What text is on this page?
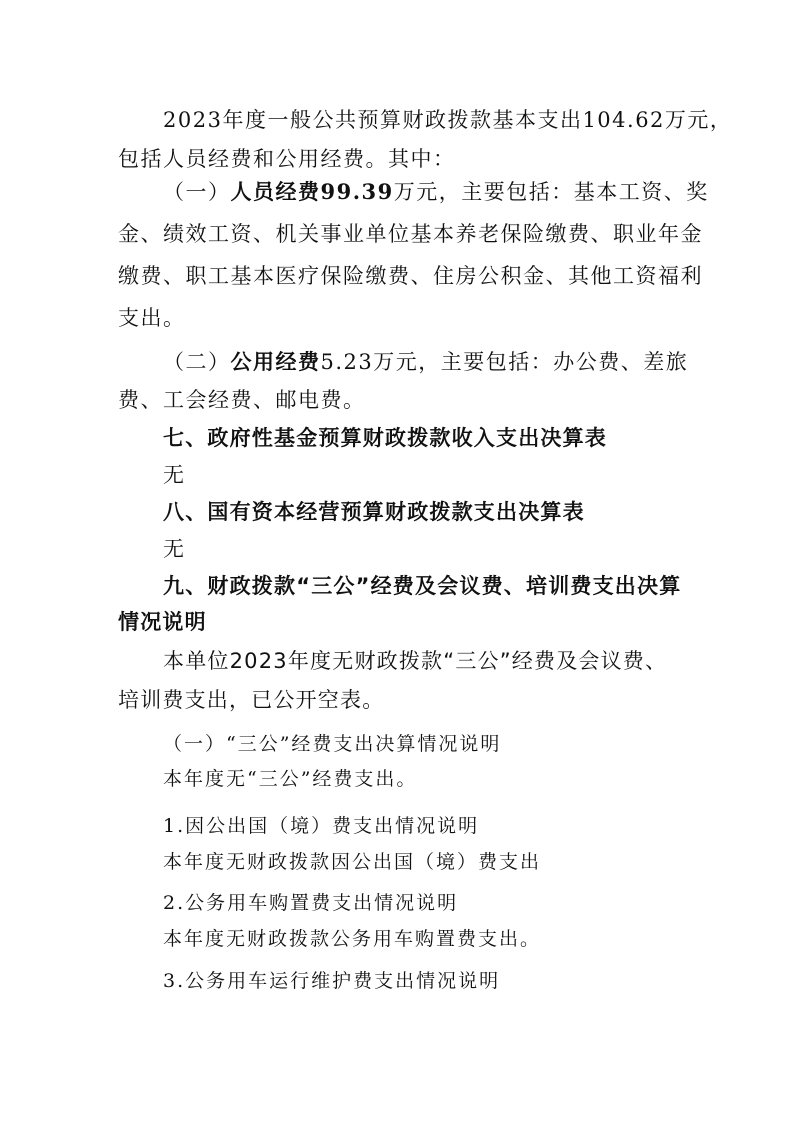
2023年度一般公共预算财政拨款基本支出104.62万元，
包括人员经费和公用经费。其中：
（一）人员经费99.39万元，主要包括：基本工资、奖
金、绩效工资、机关事业单位基本养老保险缴费、职业年金
缴费、职工基本医疗保险缴费、住房公积金、其他工资福利
支出。
（二）公用经费5.23万元，主要包括：办公费、差旅
费、工会经费、邮电费。
七、政府性基金预算财政拨款收入支出决算表
无
八、国有资本经营预算财政拨款支出决算表
无
九、财政拨款“三公”经费及会议费、培训费支出决算
情况说明
本单位2023年度无财政拨款“三公”经费及会议费、
培训费支出，已公开空表。
（一）“三公”经费支出决算情况说明
本年度无“三公”经费支出。
1.因公出国（境）费支出情况说明
本年度无财政拨款因公出国（境）费支出
2.公务用车购置费支出情况说明
本年度无财政拨款公务用车购置费支出。
3.公务用车运行维护费支出情况说明
